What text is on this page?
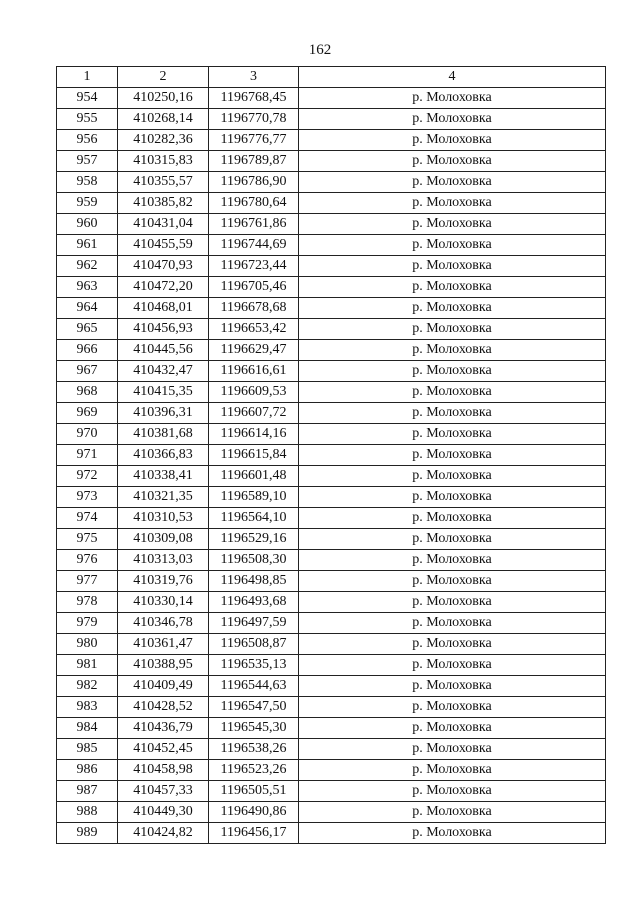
162
1	2	3	4
954	410250,16	1196768,45	р. Молоховка
955	410268,14	1196770,78	р. Молоховка
956	410282,36	1196776,77	р. Молоховка
957	410315,83	1196789,87	р. Молоховка
958	410355,57	1196786,90	р. Молоховка
959	410385,82	1196780,64	р. Молоховка
960	410431,04	1196761,86	р. Молоховка
961	410455,59	1196744,69	р. Молоховка
962	410470,93	1196723,44	р. Молоховка
963	410472,20	1196705,46	р. Молоховка
964	410468,01	1196678,68	р. Молоховка
965	410456,93	1196653,42	р. Молоховка
966	410445,56	1196629,47	р. Молоховка
967	410432,47	1196616,61	р. Молоховка
968	410415,35	1196609,53	р. Молоховка
969	410396,31	1196607,72	р. Молоховка
970	410381,68	1196614,16	р. Молоховка
971	410366,83	1196615,84	р. Молоховка
972	410338,41	1196601,48	р. Молоховка
973	410321,35	1196589,10	р. Молоховка
974	410310,53	1196564,10	р. Молоховка
975	410309,08	1196529,16	р. Молоховка
976	410313,03	1196508,30	р. Молоховка
977	410319,76	1196498,85	р. Молоховка
978	410330,14	1196493,68	р. Молоховка
979	410346,78	1196497,59	р. Молоховка
980	410361,47	1196508,87	р. Молоховка
981	410388,95	1196535,13	р. Молоховка
982	410409,49	1196544,63	р. Молоховка
983	410428,52	1196547,50	р. Молоховка
984	410436,79	1196545,30	р. Молоховка
985	410452,45	1196538,26	р. Молоховка
986	410458,98	1196523,26	р. Молоховка
987	410457,33	1196505,51	р. Молоховка
988	410449,30	1196490,86	р. Молоховка
989	410424,82	1196456,17	р. Молоховка
